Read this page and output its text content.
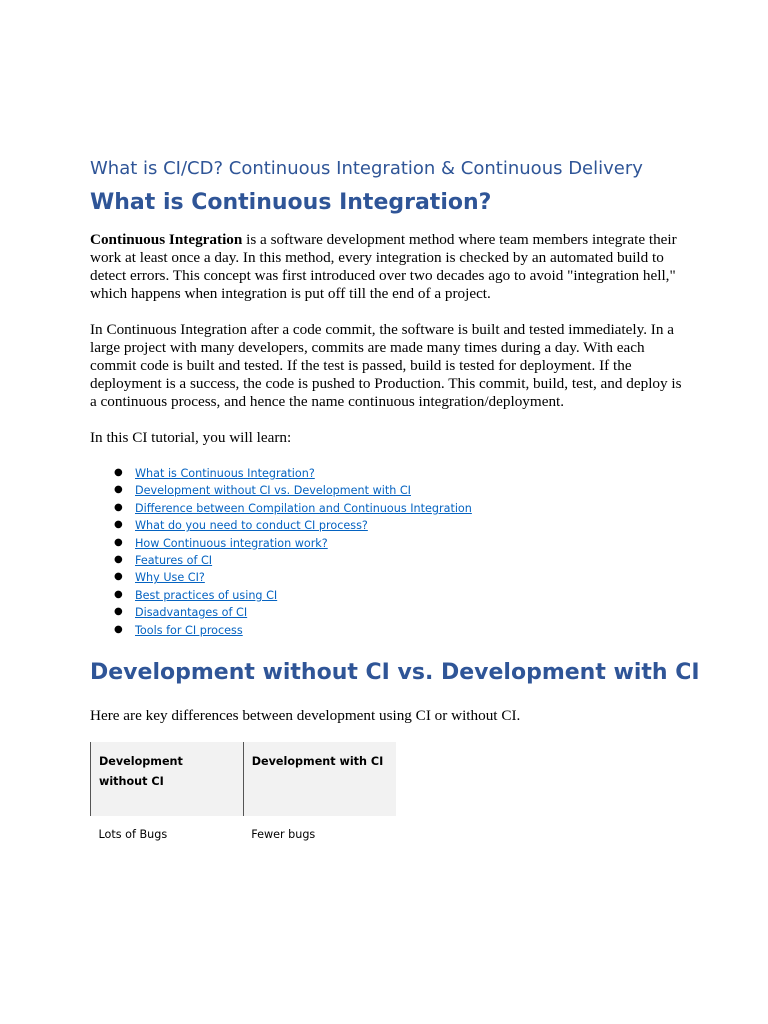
What is CI/CD? Continuous Integration & Continuous Delivery

What is Continuous Integration?

Continuous Integration is a software development method where team members integrate their work at least once a day. In this method, every integration is checked by an automated build to detect errors. This concept was first introduced over two decades ago to avoid "integration hell," which happens when integration is put off till the end of a project.

In Continuous Integration after a code commit, the software is built and tested immediately. In a large project with many developers, commits are made many times during a day. With each commit code is built and tested. If the test is passed, build is tested for deployment. If the deployment is a success, the code is pushed to Production. This commit, build, test, and deploy is a continuous process, and hence the name continuous integration/deployment.

In this CI tutorial, you will learn:

● What is Continuous Integration?
● Development without CI vs. Development with CI
● Difference between Compilation and Continuous Integration
● What do you need to conduct CI process?
● How Continuous integration work?
● Features of CI
● Why Use CI?
● Best practices of using CI
● Disadvantages of CI
● Tools for CI process
Development without CI vs. Development with CI

Here are key differences between development using CI or without CI.

Development without CI	Development with CI
Lots of Bugs	Fewer bugs
